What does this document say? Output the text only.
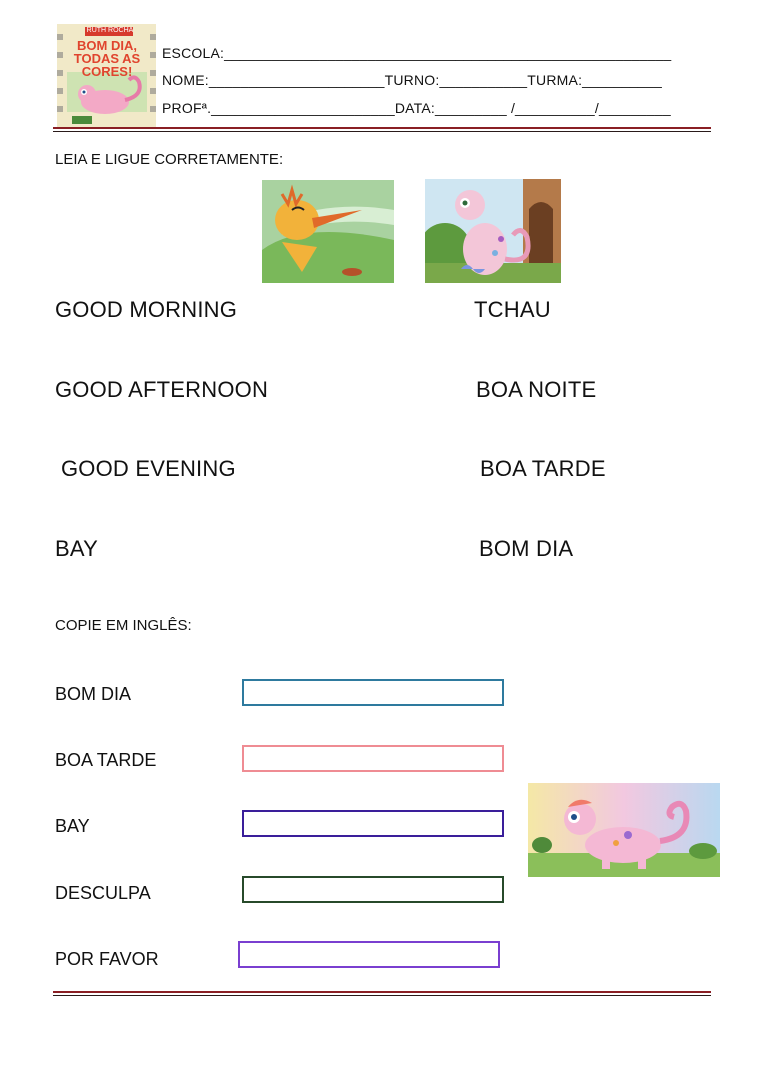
RUTH ROCHA
BOM DIA,
TODAS AS
CORES!
ESCOLA:________________________________________________________
NOME:______________________TURNO:___________TURMA:__________
PROFª._______________________DATA:_________ /__________/_________
LEIA E LIGUE CORRETAMENTE:
GOOD MORNING
GOOD AFTERNOON
GOOD EVENING
BAY
TCHAU
BOA NOITE
BOA TARDE
BOM DIA
COPIE EM INGLÊS:
BOM DIA
BOA TARDE
BAY
DESCULPA
POR FAVOR
